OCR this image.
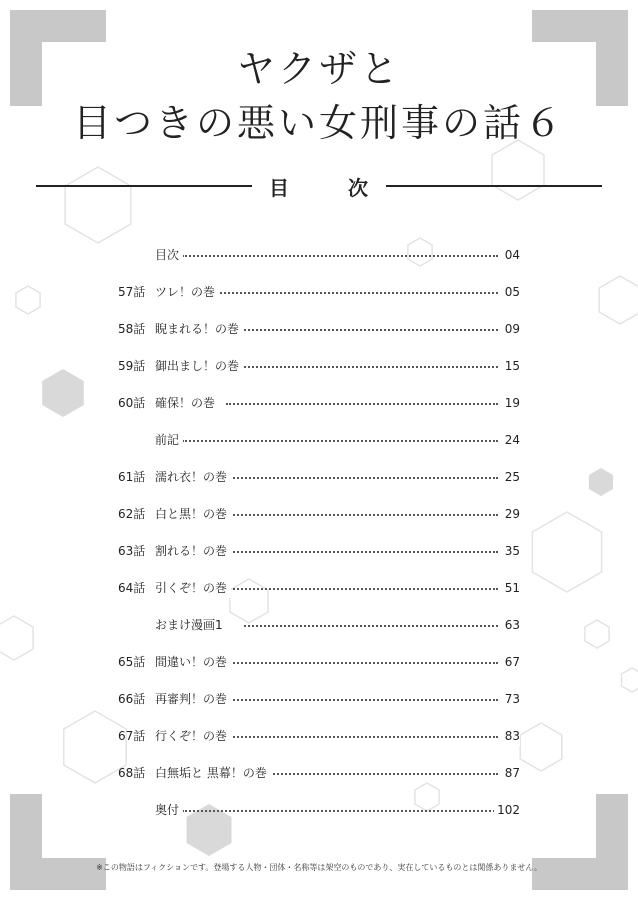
ヤクザと
目つきの悪い女刑事の話６
目	次
目次	04
57話 ツレ！の巻	05
58話 睨まれる！の巻	09
59話 御出まし！の巻	15
60話 確保！の巻	19
前記	24
61話 濡れ衣！の巻	25
62話 白と黒！の巻	29
63話 割れる！の巻	35
64話 引くぞ！の巻	51
おまけ漫画1	63
65話 間違い！の巻	67
66話 再審判！の巻	73
67話 行くぞ！の巻	83
68話 白無垢と 黒幕！の巻	87
奥付	102
※この物語はフィクションです。登場する人物・団体・名称等は架空のものであり、実在しているものとは関係ありません。
